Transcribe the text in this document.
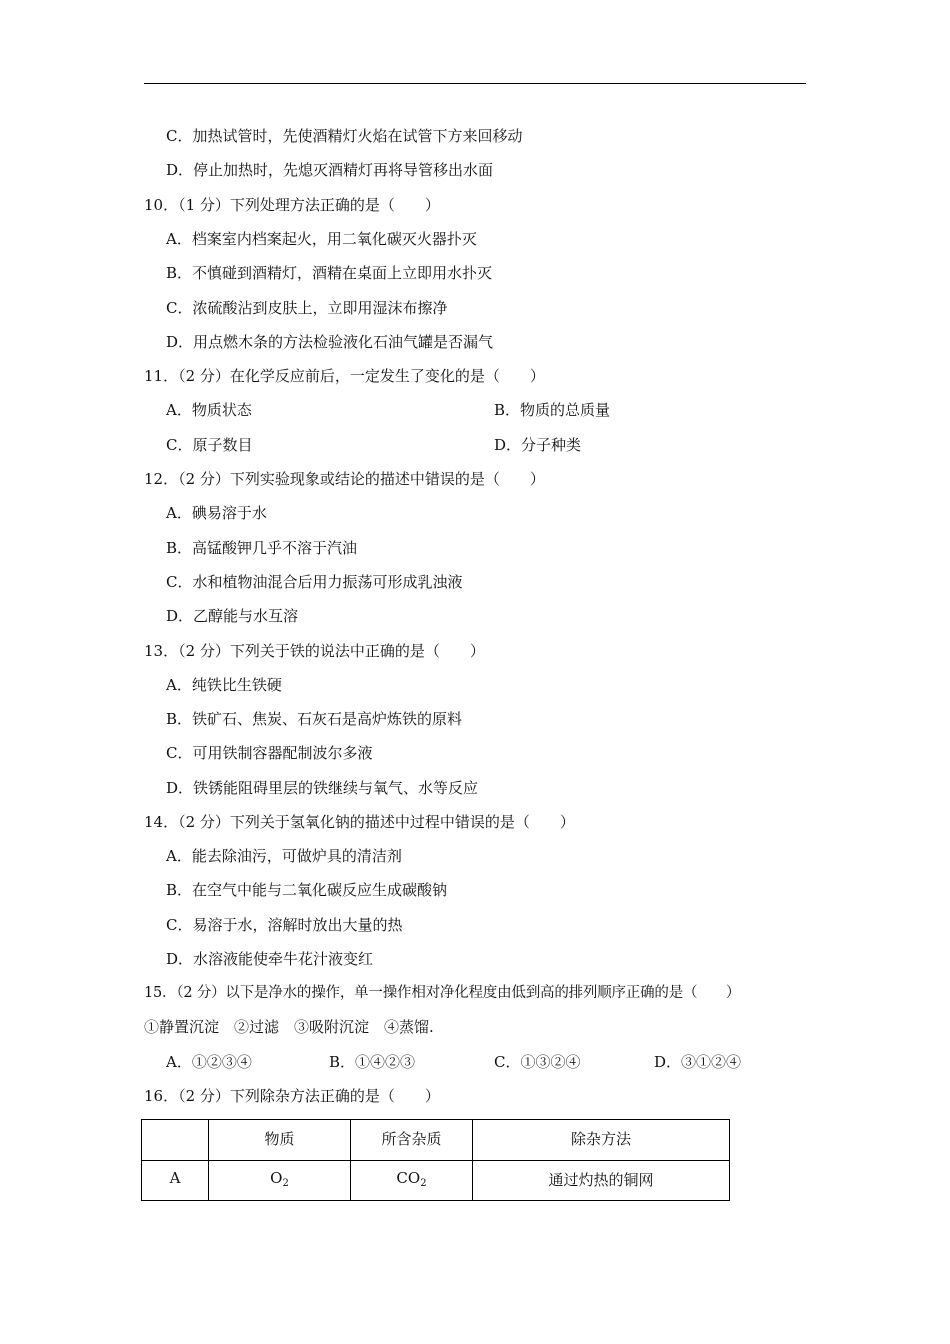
C．加热试管时，先使酒精灯火焰在试管下方来回移动
D．停止加热时，先熄灭酒精灯再将导管移出水面
10．（1 分）下列处理方法正确的是（　　）
A．档案室内档案起火，用二氧化碳灭火器扑灭
B．不慎碰到酒精灯，酒精在桌面上立即用水扑灭
C．浓硫酸沾到皮肤上，立即用湿沫布擦净
D．用点燃木条的方法检验液化石油气罐是否漏气
11．（2 分）在化学反应前后，一定发生了变化的是（　　）
A．物质状态	B．物质的总质量
C．原子数目	D．分子种类
12．（2 分）下列实验现象或结论的描述中错误的是（　　）
A．碘易溶于水
B．高锰酸钾几乎不溶于汽油
C．水和植物油混合后用力振荡可形成乳浊液
D．乙醇能与水互溶
13．（2 分）下列关于铁的说法中正确的是（　　）
A．纯铁比生铁硬
B．铁矿石、焦炭、石灰石是高炉炼铁的原料
C．可用铁制容器配制波尔多液
D．铁锈能阻碍里层的铁继续与氧气、水等反应
14．（2 分）下列关于氢氧化钠的描述中过程中错误的是（　　）
A．能去除油污，可做炉具的清洁剂
B．在空气中能与二氧化碳反应生成碳酸钠
C．易溶于水，溶解时放出大量的热
D．水溶液能使牵牛花汁液变红
15．（2 分）以下是净水的操作，单一操作相对净化程度由低到高的排列顺序正确的是（　　）
①静置沉淀　②过滤　③吸附沉淀　④蒸馏.
A．①②③④	B．①④②③	C．①③②④	D．③①②④
16．（2 分）下列除杂方法正确的是（　　）
	物质	所含杂质	除杂方法
A	$O_2$	$CO_2$	通过灼热的铜网
